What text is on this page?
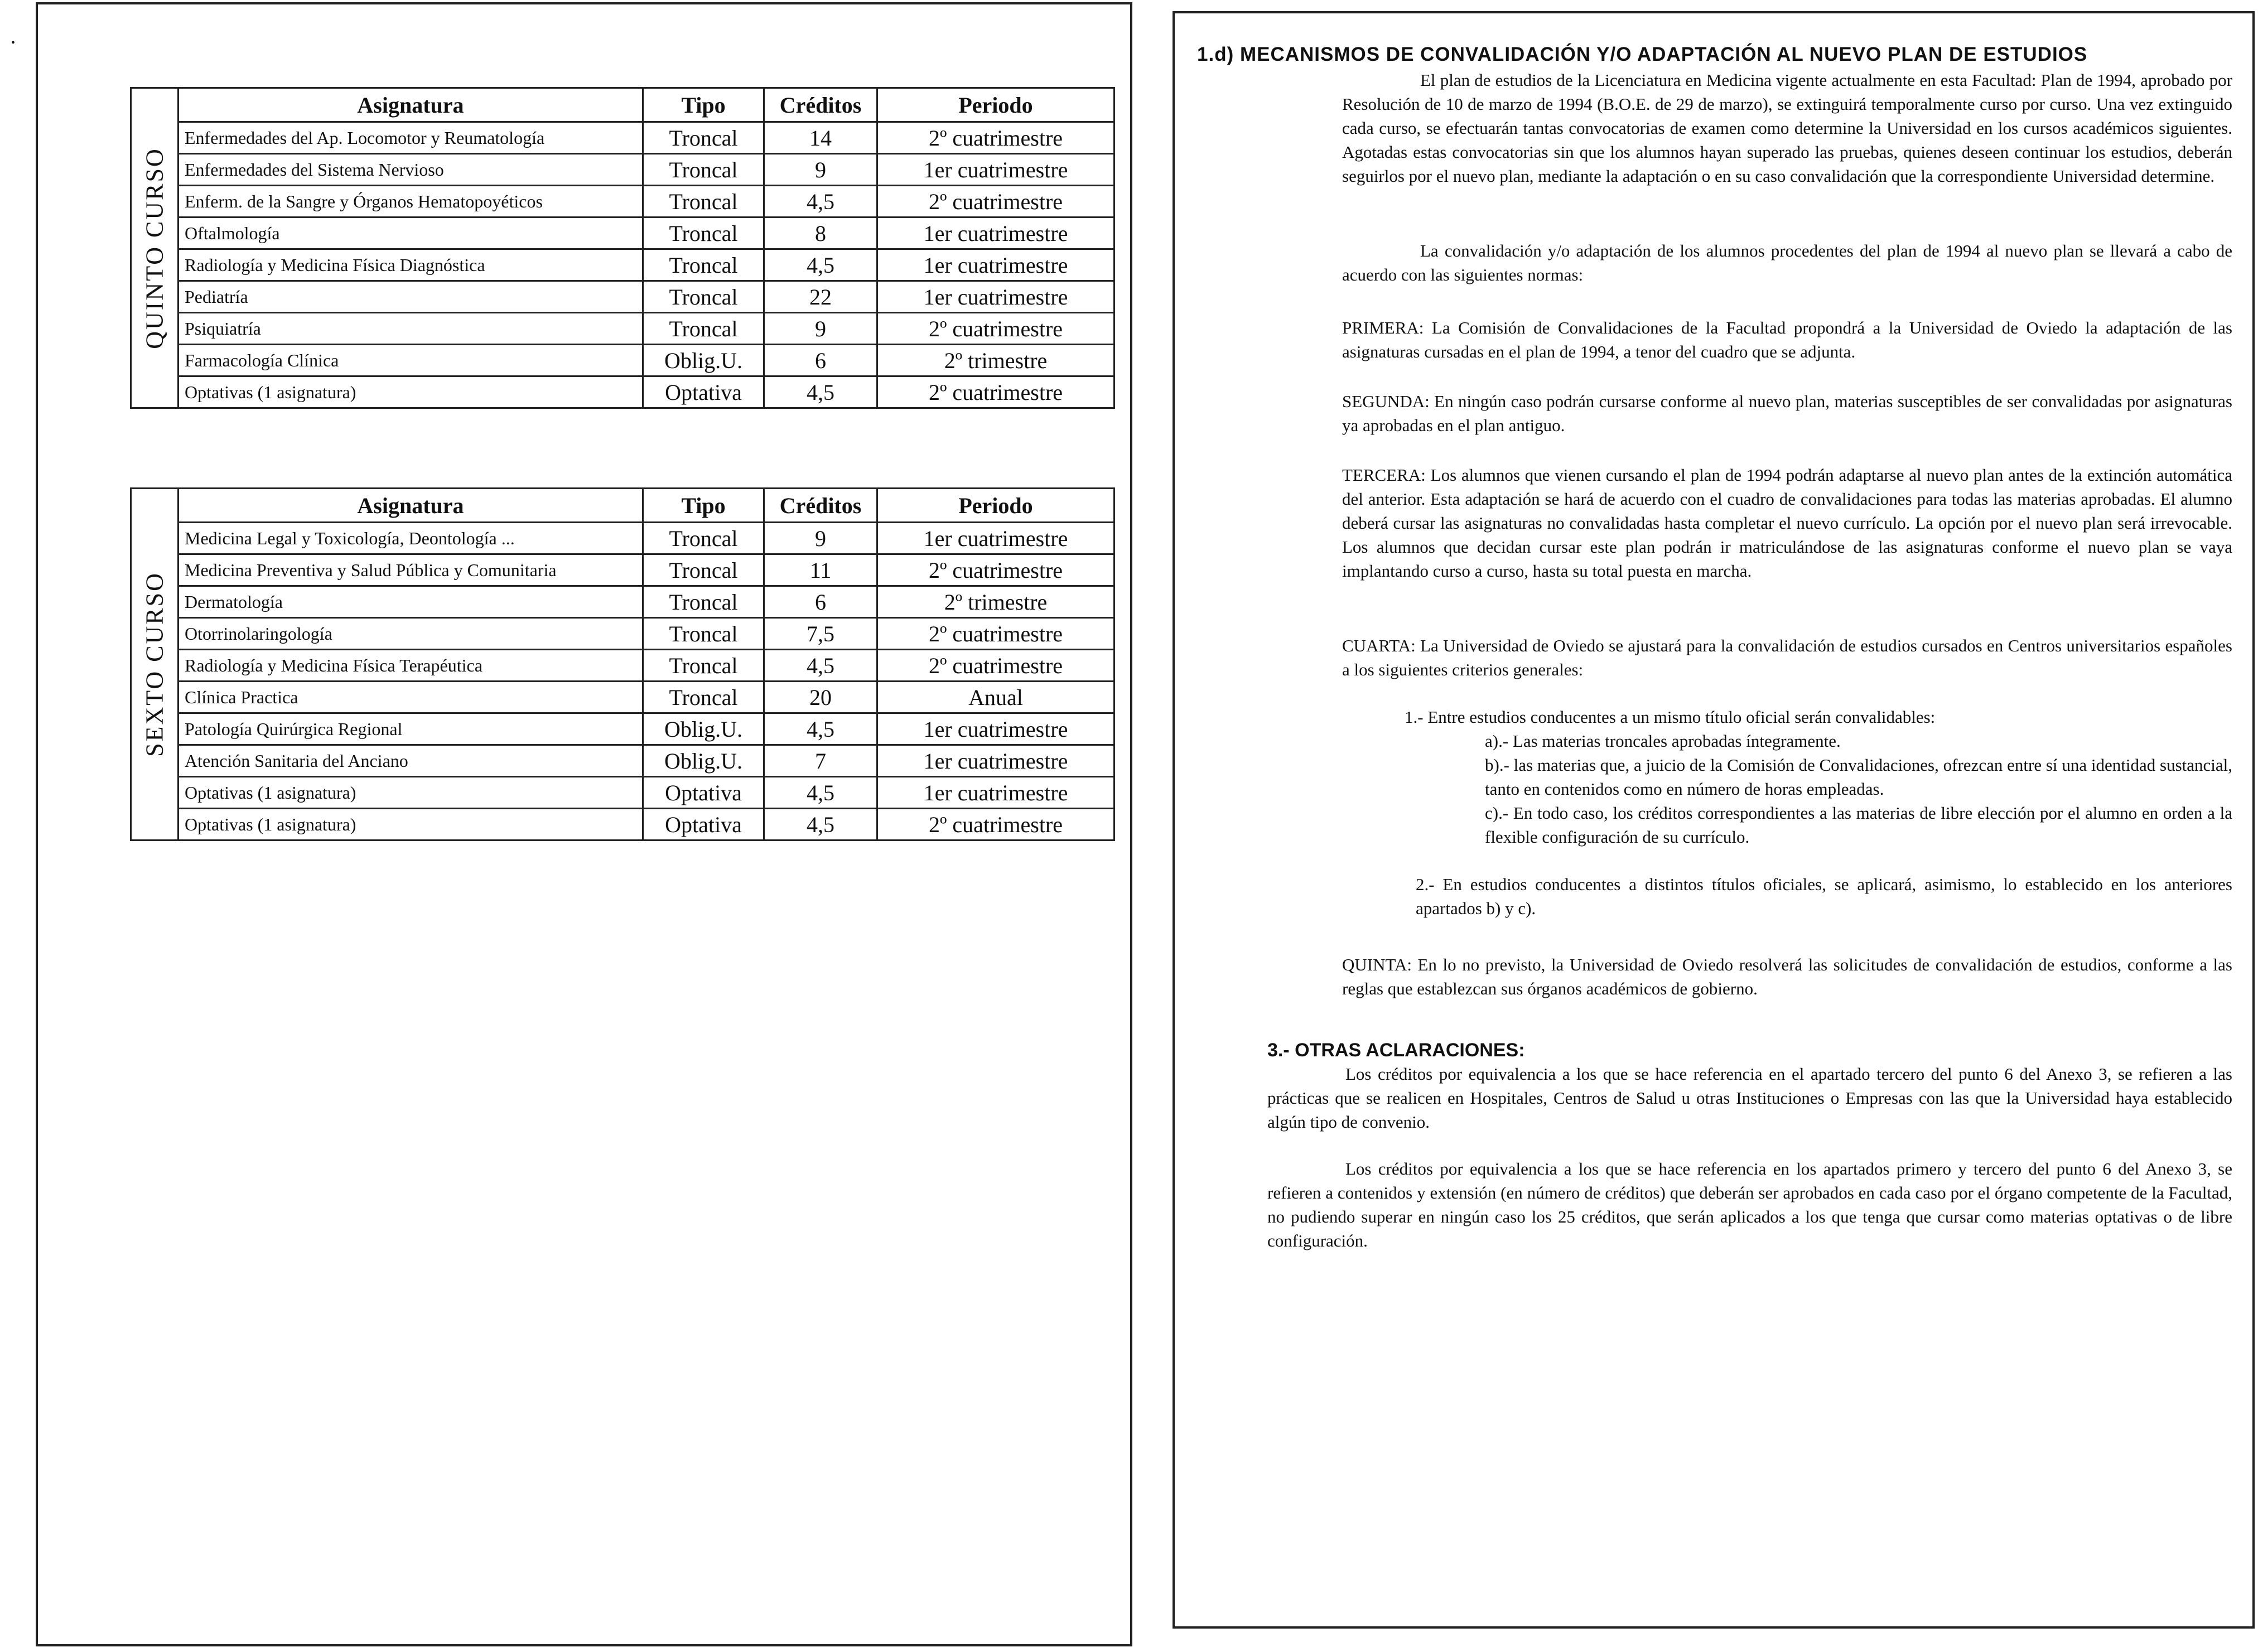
•
QUINTO CURSO	Asignatura	Tipo	Créditos	Periodo
	Enfermedades del Ap. Locomotor y Reumatología	Troncal	14	2º cuatrimestre
	Enfermedades del Sistema Nervioso	Troncal	9	1er cuatrimestre
	Enferm. de la Sangre y Órganos Hematopoyéticos	Troncal	4,5	2º cuatrimestre
	Oftalmología	Troncal	8	1er cuatrimestre
	Radiología y Medicina Física Diagnóstica	Troncal	4,5	1er cuatrimestre
	Pediatría	Troncal	22	1er cuatrimestre
	Psiquiatría	Troncal	9	2º cuatrimestre
	Farmacología Clínica	Oblig.U.	6	2º trimestre
	Optativas (1 asignatura)	Optativa	4,5	2º cuatrimestre
SEXTO CURSO	Asignatura	Tipo	Créditos	Periodo
	Medicina Legal y Toxicología, Deontología ...	Troncal	9	1er cuatrimestre
	Medicina Preventiva y Salud Pública y Comunitaria	Troncal	11	2º cuatrimestre
	Dermatología	Troncal	6	2º trimestre
	Otorrinolaringología	Troncal	7,5	2º cuatrimestre
	Radiología y Medicina Física Terapéutica	Troncal	4,5	2º cuatrimestre
	Clínica Practica	Troncal	20	Anual
	Patología Quirúrgica Regional	Oblig.U.	4,5	1er cuatrimestre
	Atención Sanitaria del Anciano	Oblig.U.	7	1er cuatrimestre
	Optativas (1 asignatura)	Optativa	4,5	1er cuatrimestre
	Optativas (1 asignatura)	Optativa	4,5	2º cuatrimestre
1.d) MECANISMOS DE CONVALIDACIÓN Y/O ADAPTACIÓN AL NUEVO PLAN DE ESTUDIOS
El plan de estudios de la Licenciatura en Medicina vigente actualmente en esta Facultad: Plan de 1994, aprobado por Resolución de 10 de marzo de 1994 (B.O.E. de 29 de marzo), se extinguirá temporalmente curso por curso. Una vez extinguido cada curso, se efectuarán tantas convocatorias de examen como determine la Universidad en los cursos académicos siguientes. Agotadas estas convocatorias sin que los alumnos hayan superado las pruebas, quienes deseen continuar los estudios, deberán seguirlos por el nuevo plan, mediante la adaptación o en su caso convalidación que la correspondiente Universidad determine.
La convalidación y/o adaptación de los alumnos procedentes del plan de 1994 al nuevo plan se llevará a cabo de acuerdo con las siguientes normas:
PRIMERA: La Comisión de Convalidaciones de la Facultad propondrá a la Universidad de Oviedo la adaptación de las asignaturas cursadas en el plan de 1994, a tenor del cuadro que se adjunta.
SEGUNDA: En ningún caso podrán cursarse conforme al nuevo plan, materias susceptibles de ser convalidadas por asignaturas ya aprobadas en el plan antiguo.
TERCERA: Los alumnos que vienen cursando el plan de 1994 podrán adaptarse al nuevo plan antes de la extinción automática del anterior. Esta adaptación se hará de acuerdo con el cuadro de convalidaciones para todas las materias aprobadas. El alumno deberá cursar las asignaturas no convalidadas hasta completar el nuevo currículo. La opción por el nuevo plan será irrevocable. Los alumnos que decidan cursar este plan podrán ir matriculándose de las asignaturas conforme el nuevo plan se vaya implantando curso a curso, hasta su total puesta en marcha.
CUARTA: La Universidad de Oviedo se ajustará para la convalidación de estudios cursados en Centros universitarios españoles a los siguientes criterios generales:
1.- Entre estudios conducentes a un mismo título oficial serán convalidables:
a).- Las materias troncales aprobadas íntegramente.
b).- las materias que, a juicio de la Comisión de Convalidaciones, ofrezcan entre sí una identidad sustancial, tanto en contenidos como en número de horas empleadas.
c).- En todo caso, los créditos correspondientes a las materias de libre elección por el alumno en orden a la flexible configuración de su currículo.
2.- En estudios conducentes a distintos títulos oficiales, se aplicará, asimismo, lo establecido en los anteriores apartados b) y c).
QUINTA: En lo no previsto, la Universidad de Oviedo resolverá las solicitudes de convalidación de estudios, conforme a las reglas que establezcan sus órganos académicos de gobierno.
3.- OTRAS ACLARACIONES:
Los créditos por equivalencia a los que se hace referencia en el apartado tercero del punto 6 del Anexo 3, se refieren a las prácticas que se realicen en Hospitales, Centros de Salud u otras Instituciones o Empresas con las que la Universidad haya establecido algún tipo de convenio.
Los créditos por equivalencia a los que se hace referencia en los apartados primero y tercero del punto 6 del Anexo 3, se refieren a contenidos y extensión (en número de créditos) que deberán ser aprobados en cada caso por el órgano competente de la Facultad, no pudiendo superar en ningún caso los 25 créditos, que serán aplicados a los que tenga que cursar como materias optativas o de libre configuración.
